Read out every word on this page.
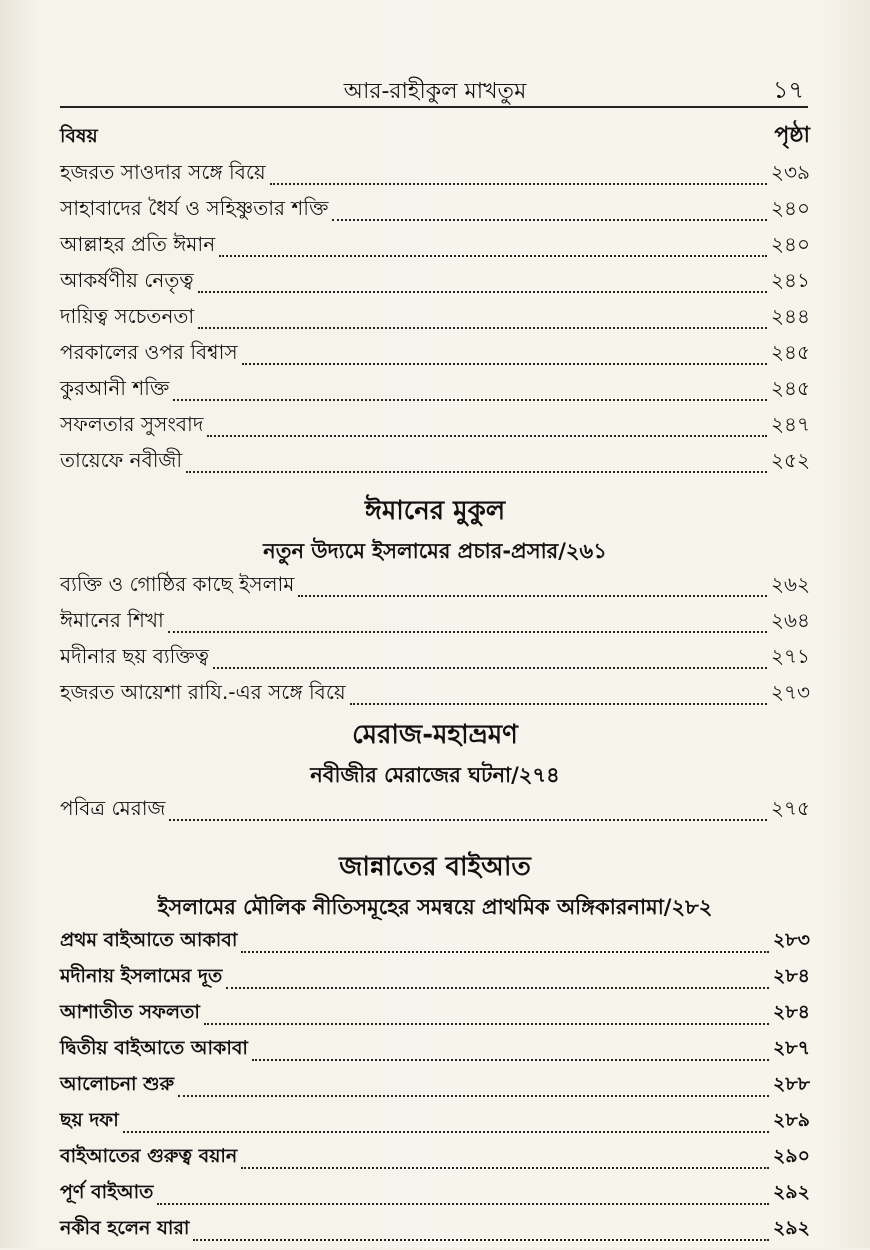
আর-রাহীকুল মাখতুম	১৭
বিষয়	পৃষ্ঠা
হজরত সাওদার সঙ্গে বিয়ে	২৩৯
সাহাবাদের ধৈর্য ও সহিষ্ণুতার শক্তি	২৪০
আল্লাহর প্রতি ঈমান	২৪০
আকর্ষণীয় নেতৃত্ব	২৪১
দায়িত্ব সচেতনতা	২৪৪
পরকালের ওপর বিশ্বাস	২৪৫
কুরআনী শক্তি	২৪৫
সফলতার সুসংবাদ	২৪৭
তায়েফে নবীজী	২৫২
ঈমানের মুকুল
নতুন উদ্যমে ইসলামের প্রচার-প্রসার/২৬১
ব্যক্তি ও গোষ্ঠির কাছে ইসলাম	২৬২
ঈমানের শিখা	২৬৪
মদীনার ছয় ব্যক্তিত্ব	২৭১
হজরত আয়েশা রাযি.-এর সঙ্গে বিয়ে	২৭৩
মেরাজ-মহাভ্রমণ
নবীজীর মেরাজের ঘটনা/২৭৪
পবিত্র মেরাজ	২৭৫
জান্নাতের বাইআত
ইসলামের মৌলিক নীতিসমূহের সমন্বয়ে প্রাথমিক অঙ্গিকারনামা/২৮২
প্রথম বাইআতে আকাবা	২৮৩
মদীনায় ইসলামের দূত	২৮৪
আশাতীত সফলতা	২৮৪
দ্বিতীয় বাইআতে আকাবা	২৮৭
আলোচনা শুরু	২৮৮
ছয় দফা	২৮৯
বাইআতের গুরুত্ব বয়ান	২৯০
পূর্ণ বাইআত	২৯২
নকীব হলেন যারা	২৯২
